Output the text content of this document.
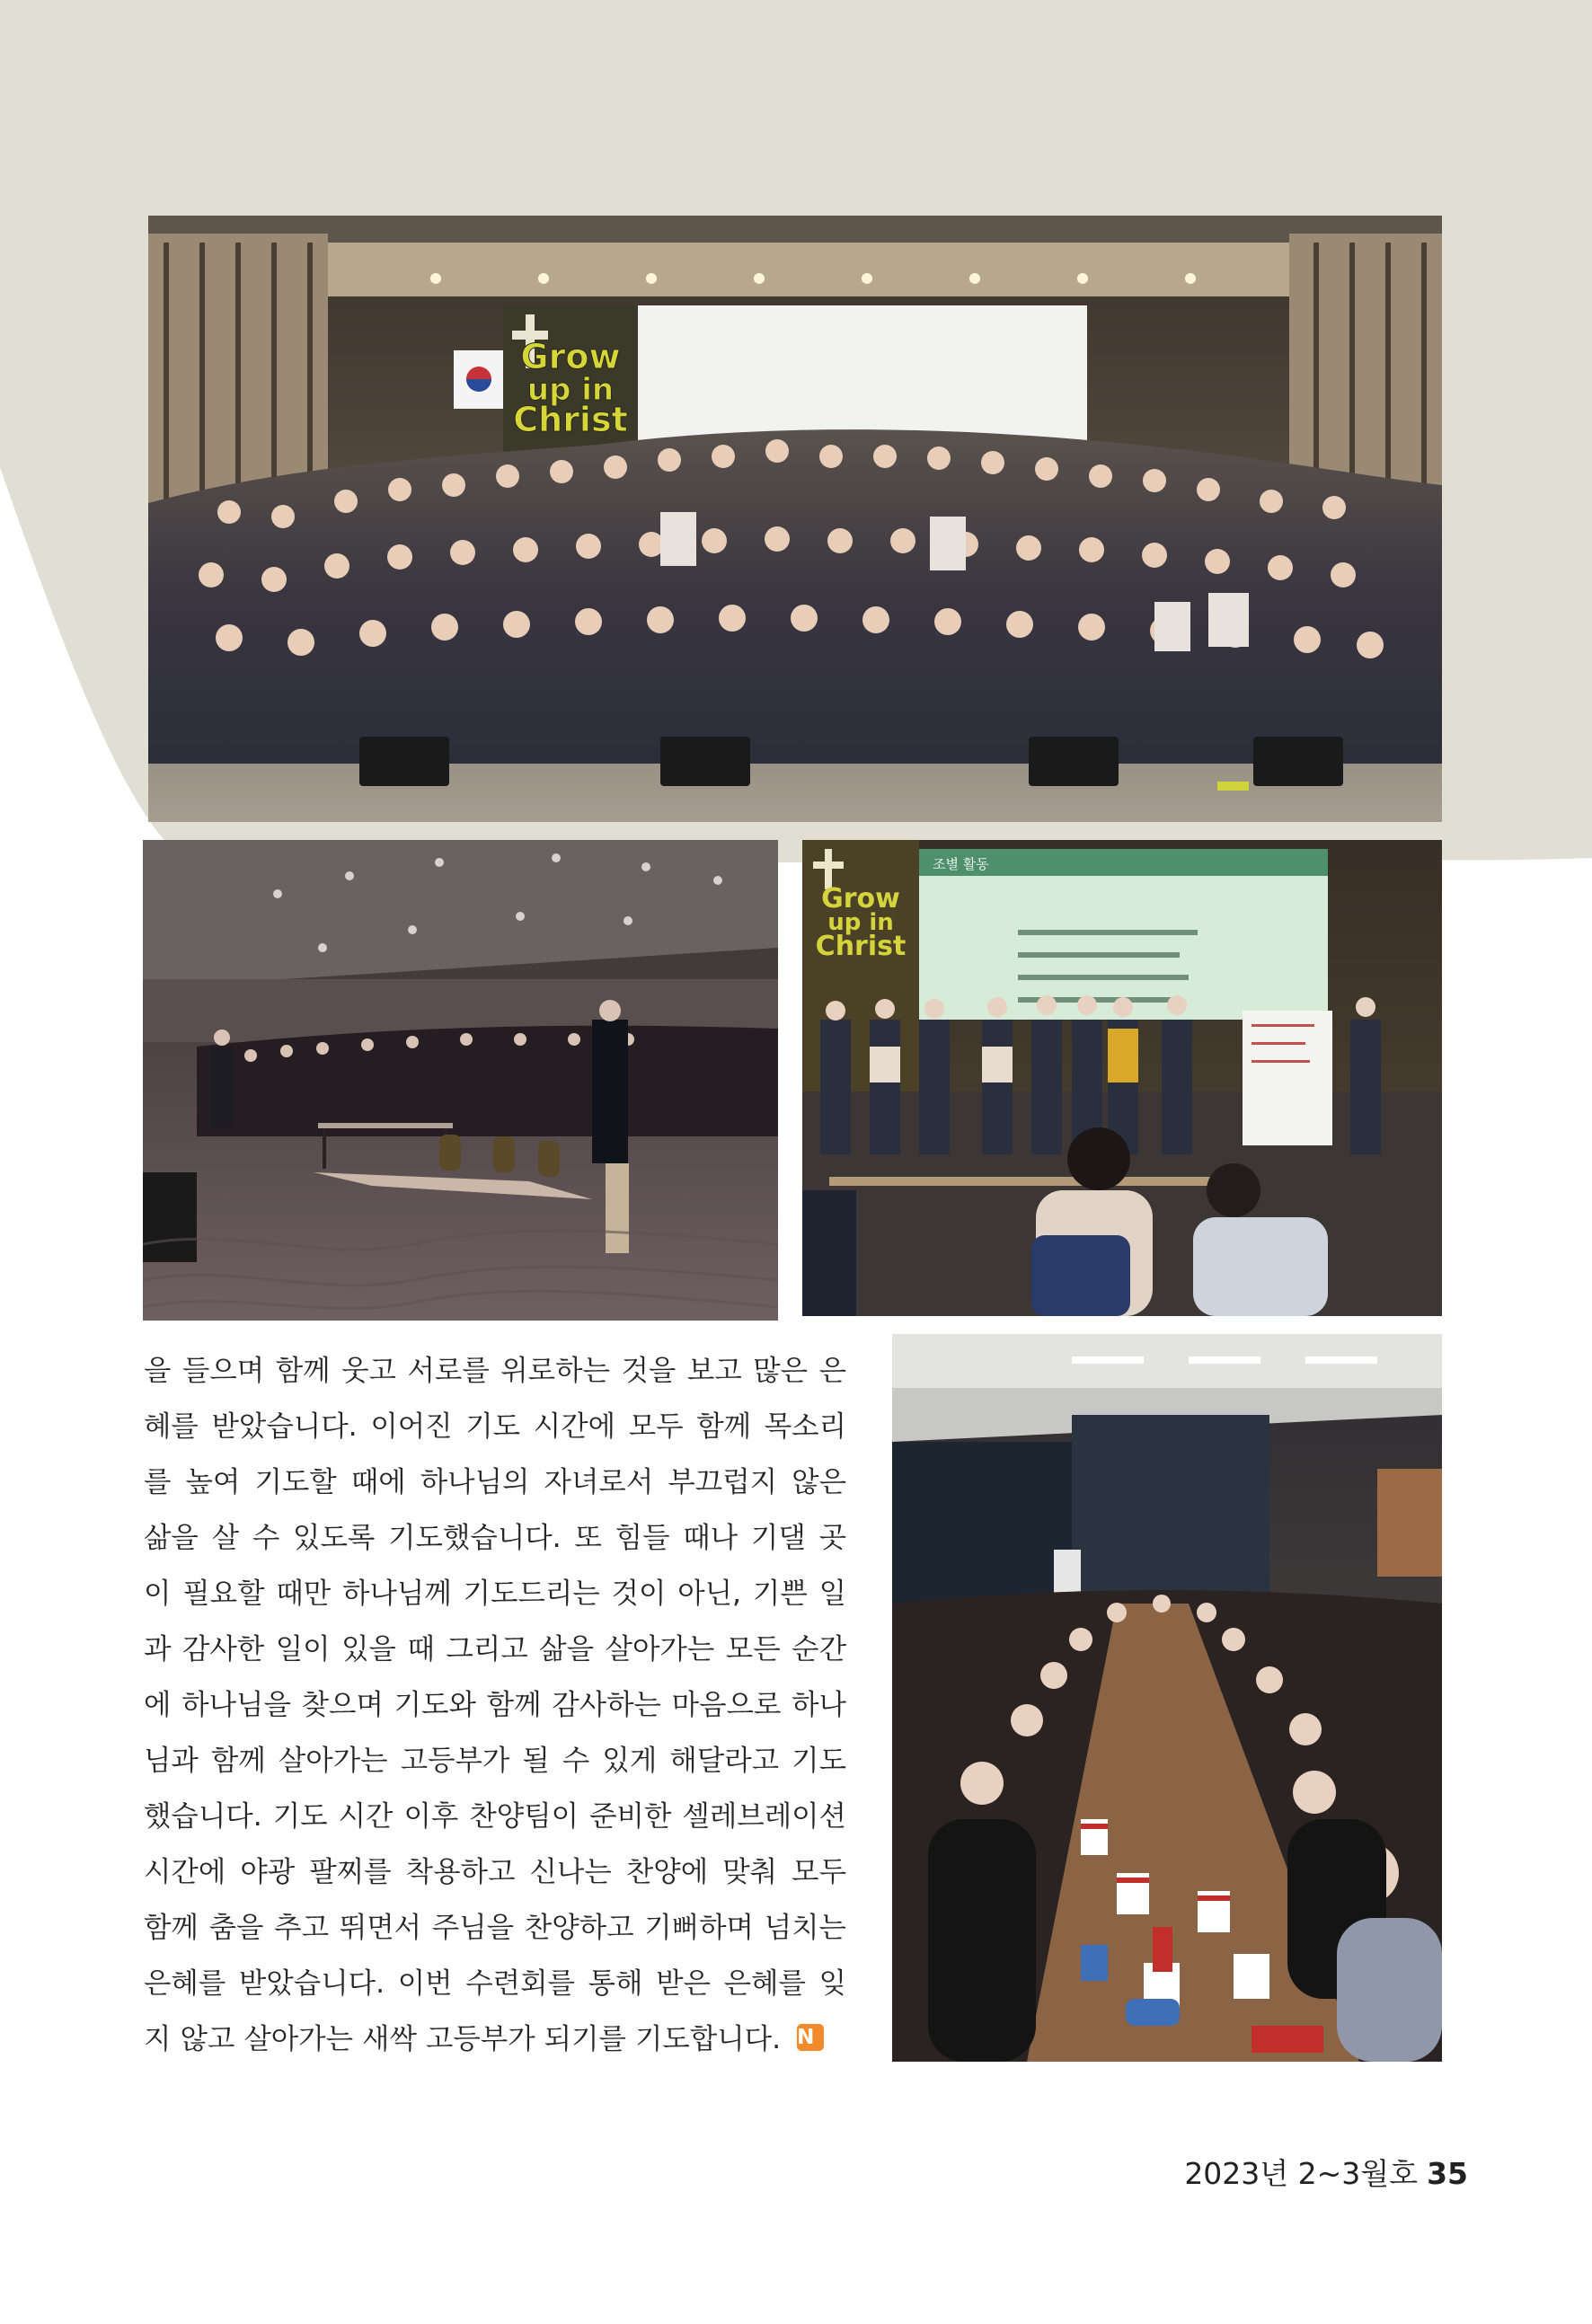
Grow
up in
Christ
Grow
up in
Christ
조별 활동
을 들으며 함께 웃고 서로를 위로하는 것을 보고 많은 은
혜를 받았습니다. 이어진 기도 시간에 모두 함께 목소리
를 높여 기도할 때에 하나님의 자녀로서 부끄럽지 않은
삶을 살 수 있도록 기도했습니다. 또 힘들 때나 기댈 곳
이 필요할 때만 하나님께 기도드리는 것이 아닌, 기쁜 일
과 감사한 일이 있을 때 그리고 삶을 살아가는 모든 순간
에 하나님을 찾으며 기도와 함께 감사하는 마음으로 하나
님과 함께 살아가는 고등부가 될 수 있게 해달라고 기도
했습니다. 기도 시간 이후 찬양팀이 준비한 셀레브레이션
시간에 야광 팔찌를 착용하고 신나는 찬양에 맞춰 모두
함께 춤을 추고 뛰면서 주님을 찬양하고 기뻐하며 넘치는
은혜를 받았습니다. 이번 수련회를 통해 받은 은혜를 잊
지 않고 살아가는 새싹 고등부가 되기를 기도합니다. N
2023년 2~3월호 35
